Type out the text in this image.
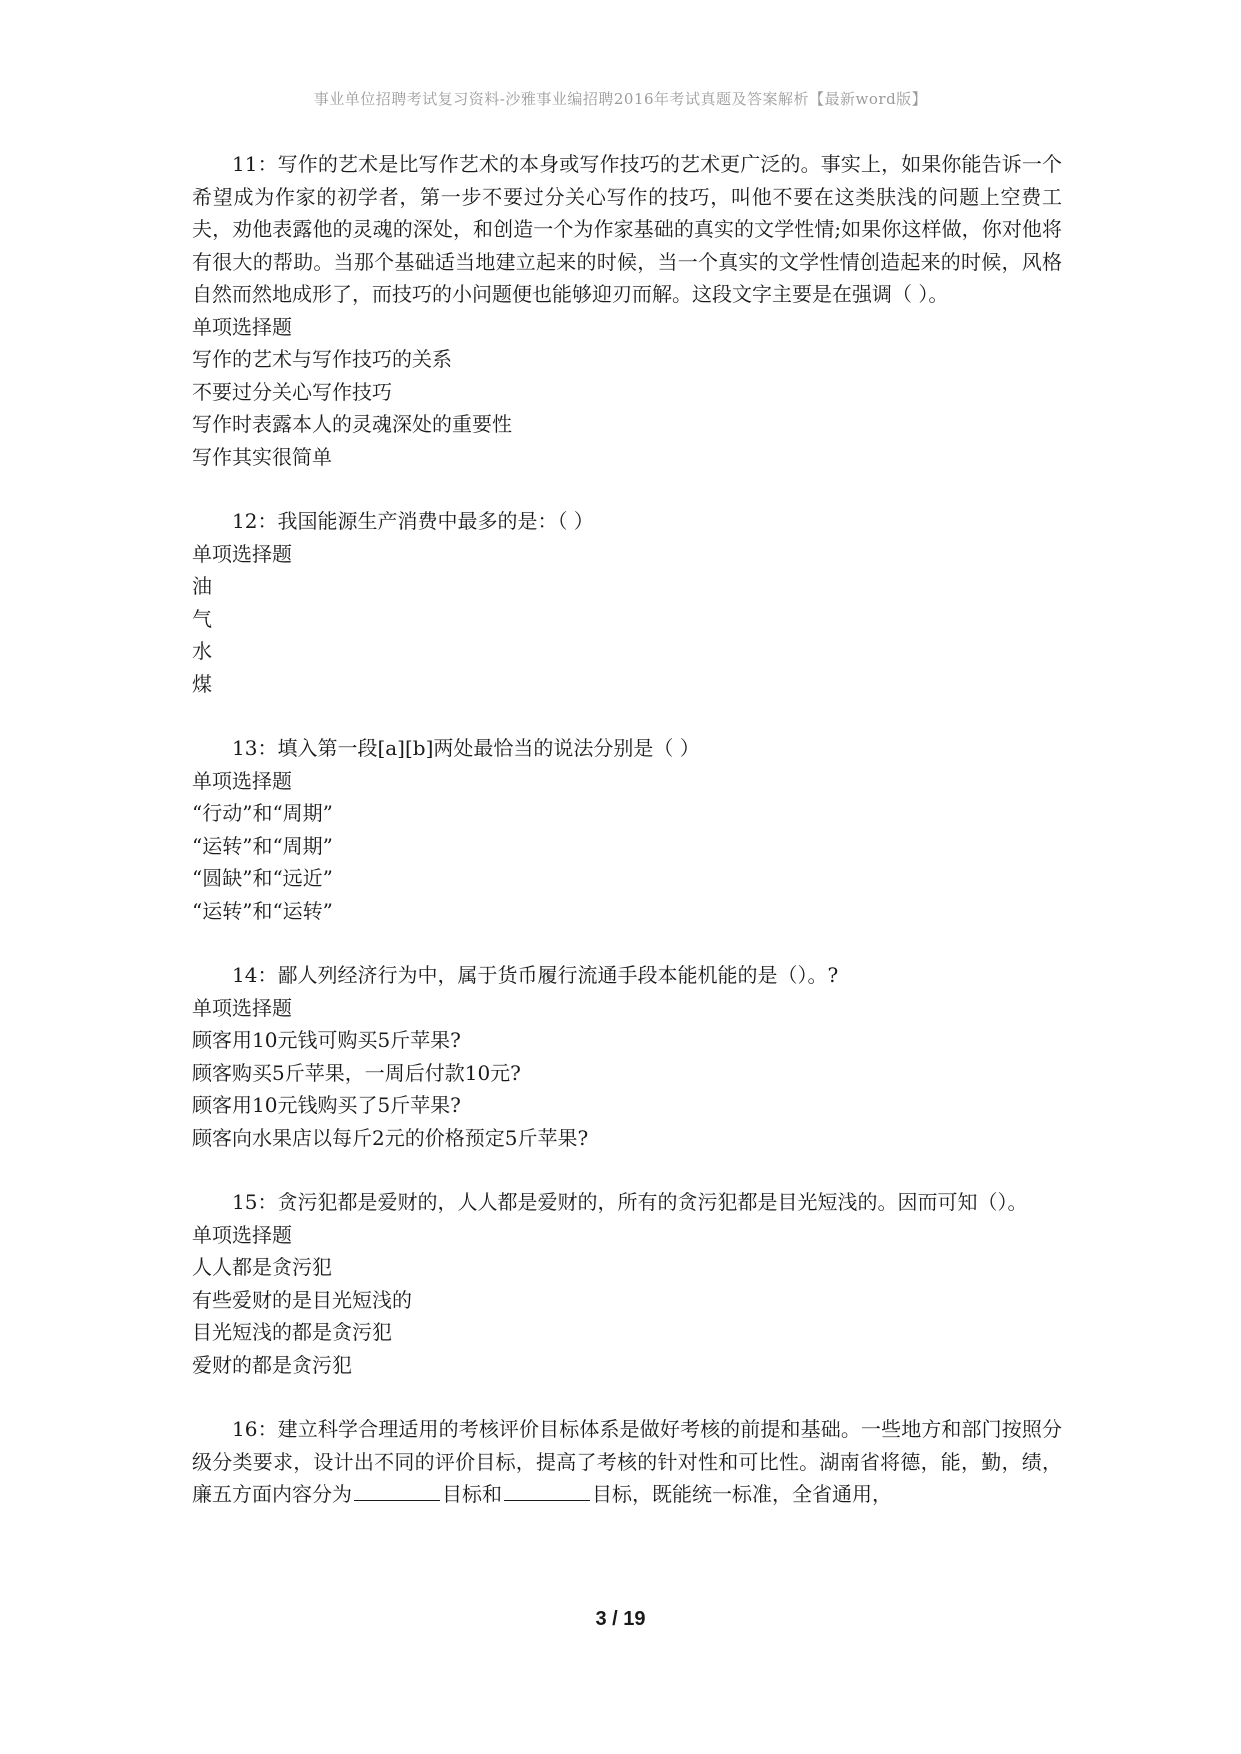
事业单位招聘考试复习资料-沙雅事业编招聘2016年考试真题及答案解析【最新word版】

11：写作的艺术是比写作艺术的本身或写作技巧的艺术更广泛的。事实上，如果你能告诉一个希望成为作家的初学者，第一步不要过分关心写作的技巧，叫他不要在这类肤浅的问题上空费工夫，劝他表露他的灵魂的深处，和创造一个为作家基础的真实的文学性情;如果你这样做，你对他将有很大的帮助。当那个基础适当地建立起来的时候，当一个真实的文学性情创造起来的时候，风格自然而然地成形了，而技巧的小问题便也能够迎刃而解。这段文字主要是在强调（ ）。

单项选择题

写作的艺术与写作技巧的关系

不要过分关心写作技巧

写作时表露本人的灵魂深处的重要性

写作其实很简单

12：我国能源生产消费中最多的是：（ ）

单项选择题

油

气

水

煤

13：填入第一段[a][b]两处最恰当的说法分别是（ ）

单项选择题

“行动”和“周期”

“运转”和“周期”

“圆缺”和“远近”

“运转”和“运转”

14：鄙人列经济行为中，属于货币履行流通手段本能机能的是（）。?

单项选择题

顾客用10元钱可购买5斤苹果?

顾客购买5斤苹果，一周后付款10元?

顾客用10元钱购买了5斤苹果?

顾客向水果店以每斤2元的价格预定5斤苹果?

15：贪污犯都是爱财的，人人都是爱财的，所有的贪污犯都是目光短浅的。因而可知（）。

单项选择题

人人都是贪污犯

有些爱财的是目光短浅的

目光短浅的都是贪污犯

爱财的都是贪污犯

16：建立科学合理适用的考核评价目标体系是做好考核的前提和基础。一些地方和部门按照分级分类要求，设计出不同的评价目标，提高了考核的针对性和可比性。湖南省将德，能，勤，绩，廉五方面内容分为	目标和	目标，既能统一标准，全省通用，

3 / 19
